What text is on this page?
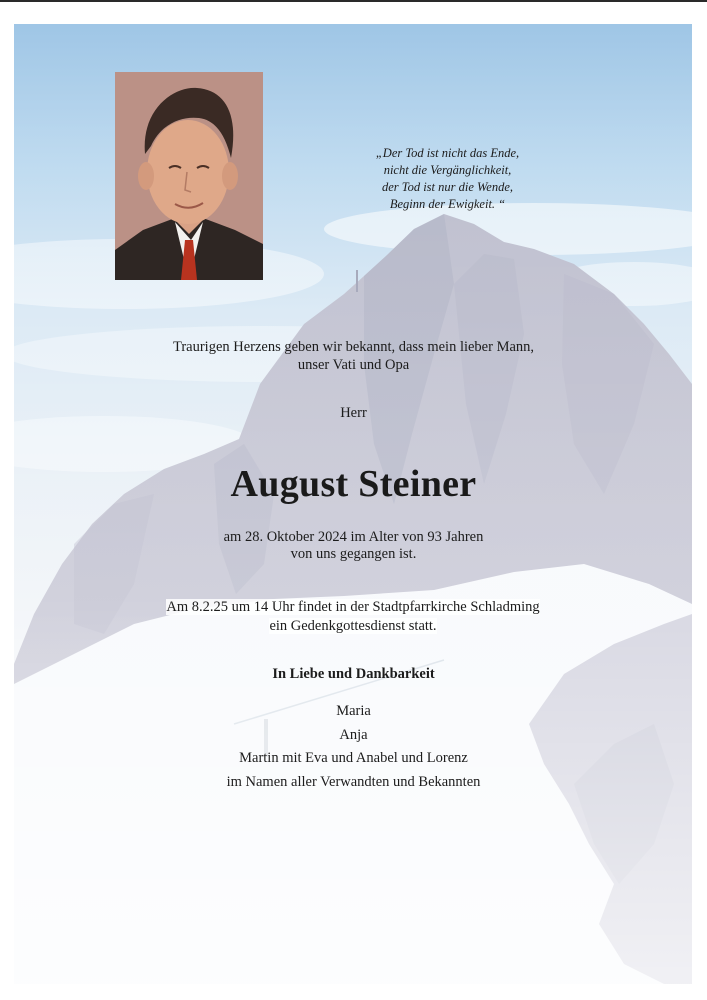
„Der Tod ist nicht das Ende,
nicht die Vergänglichkeit,
der Tod ist nur die Wende,
Beginn der Ewigkeit. “
Traurigen Herzens geben wir bekannt, dass mein lieber Mann,
unser Vati und Opa
Herr
August Steiner
am 28. Oktober 2024 im Alter von 93 Jahren
von uns gegangen ist.
Am 8.2.25 um 14 Uhr findet in der Stadtpfarrkirche Schladming
ein Gedenkgottesdienst statt.
In Liebe und Dankbarkeit
Maria
Anja
Martin mit Eva und Anabel und Lorenz
im Namen aller Verwandten und Bekannten
